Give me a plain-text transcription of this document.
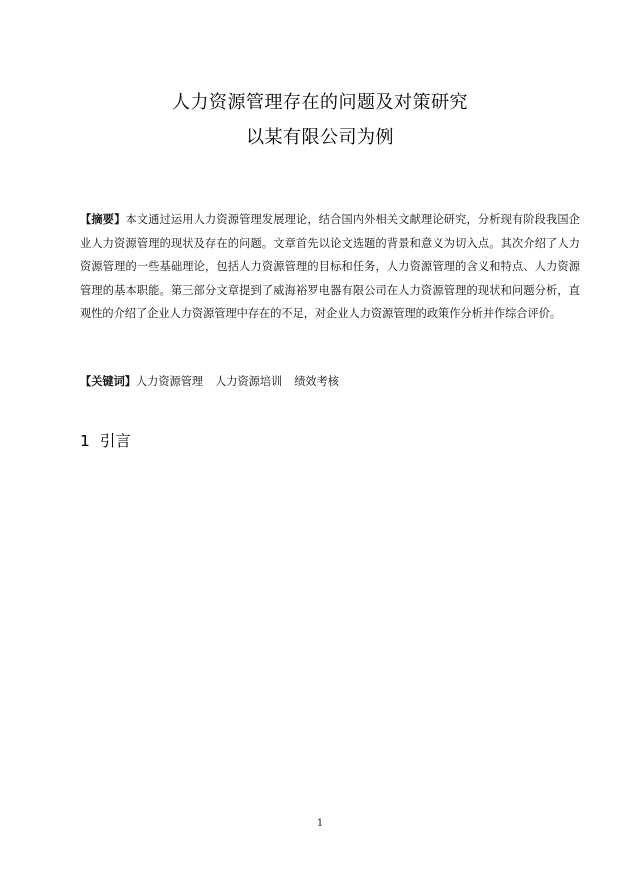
人力资源管理存在的问题及对策研究
以某有限公司为例
【摘要】本文通过运用人力资源管理发展理论，结合国内外相关文献理论研究，分析现有阶段我国企业人力资源管理的现状及存在的问题。文章首先以论文选题的背景和意义为切入点。其次介绍了人力资源管理的一些基础理论，包括人力资源管理的目标和任务，人力资源管理的含义和特点、人力资源管理的基本职能。第三部分文章提到了威海裕罗电器有限公司在人力资源管理的现状和问题分析，直观性的介绍了企业人力资源管理中存在的不足，对企业人力资源管理的政策作分析并作综合评价。
【关键词】人力资源管理 人力资源培训 绩效考核
1 引言
1
